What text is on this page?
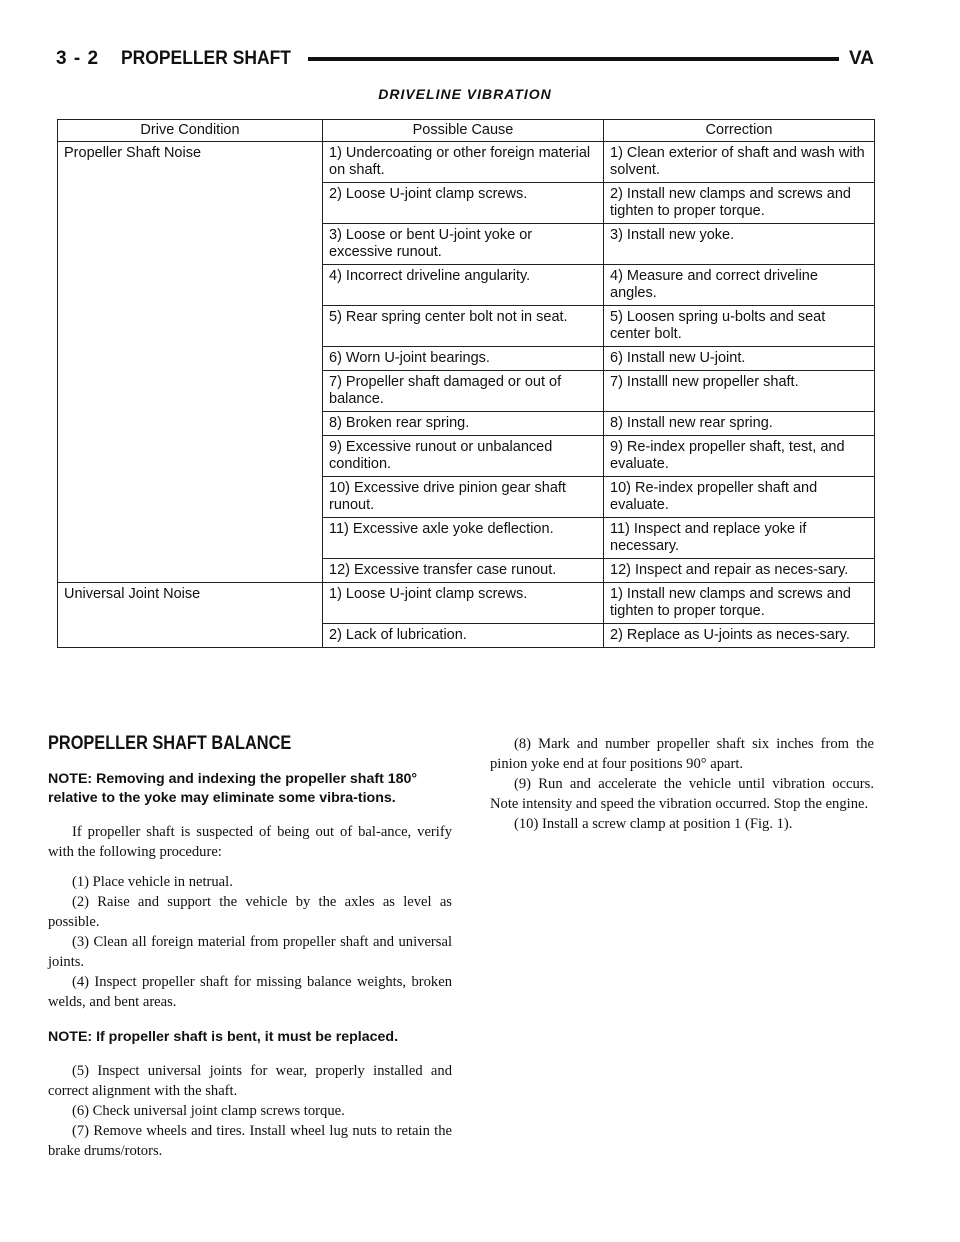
3 - 2 PROPELLER SHAFT	VA
DRIVELINE VIBRATION
Drive Condition	Possible Cause	Correction
Propeller Shaft Noise	1) Undercoating or other foreign material on shaft.	1) Clean exterior of shaft and wash with solvent.
	2) Loose U-joint clamp screws.	2) Install new clamps and screws and tighten to proper torque.
	3) Loose or bent U-joint yoke or excessive runout.	3) Install new yoke.
	4) Incorrect driveline angularity.	4) Measure and correct driveline angles.
	5) Rear spring center bolt not in seat.	5) Loosen spring u-bolts and seat center bolt.
	6) Worn U-joint bearings.	6) Install new U-joint.
	7) Propeller shaft damaged or out of balance.	7) Installl new propeller shaft.
	8) Broken rear spring.	8) Install new rear spring.
	9) Excessive runout or unbalanced condition.	9) Re-index propeller shaft, test, and evaluate.
	10) Excessive drive pinion gear shaft runout.	10) Re-index propeller shaft and evaluate.
	11) Excessive axle yoke deflection.	11) Inspect and replace yoke if necessary.
	12) Excessive transfer case runout.	12) Inspect and repair as neces-sary.
Universal Joint Noise	1) Loose U-joint clamp screws.	1) Install new clamps and screws and tighten to proper torque.
	2) Lack of lubrication.	2) Replace as U-joints as neces-sary.
PROPELLER SHAFT BALANCE
NOTE: Removing and indexing the propeller shaft 180° relative to the yoke may eliminate some vibra-tions.

If propeller shaft is suspected of being out of bal-ance, verify with the following procedure:

(1) Place vehicle in netrual.

(2) Raise and support the vehicle by the axles as level as possible.

(3) Clean all foreign material from propeller shaft and universal joints.

(4) Inspect propeller shaft for missing balance weights, broken welds, and bent areas.

NOTE: If propeller shaft is bent, it must be replaced.

(5) Inspect universal joints for wear, properly installed and correct alignment with the shaft.

(6) Check universal joint clamp screws torque.

(7) Remove wheels and tires. Install wheel lug nuts to retain the brake drums/rotors.

(8) Mark and number propeller shaft six inches from the pinion yoke end at four positions 90° apart.

(9) Run and accelerate the vehicle until vibration occurs. Note intensity and speed the vibration occurred. Stop the engine.

(10) Install a screw clamp at position 1 (Fig. 1).
